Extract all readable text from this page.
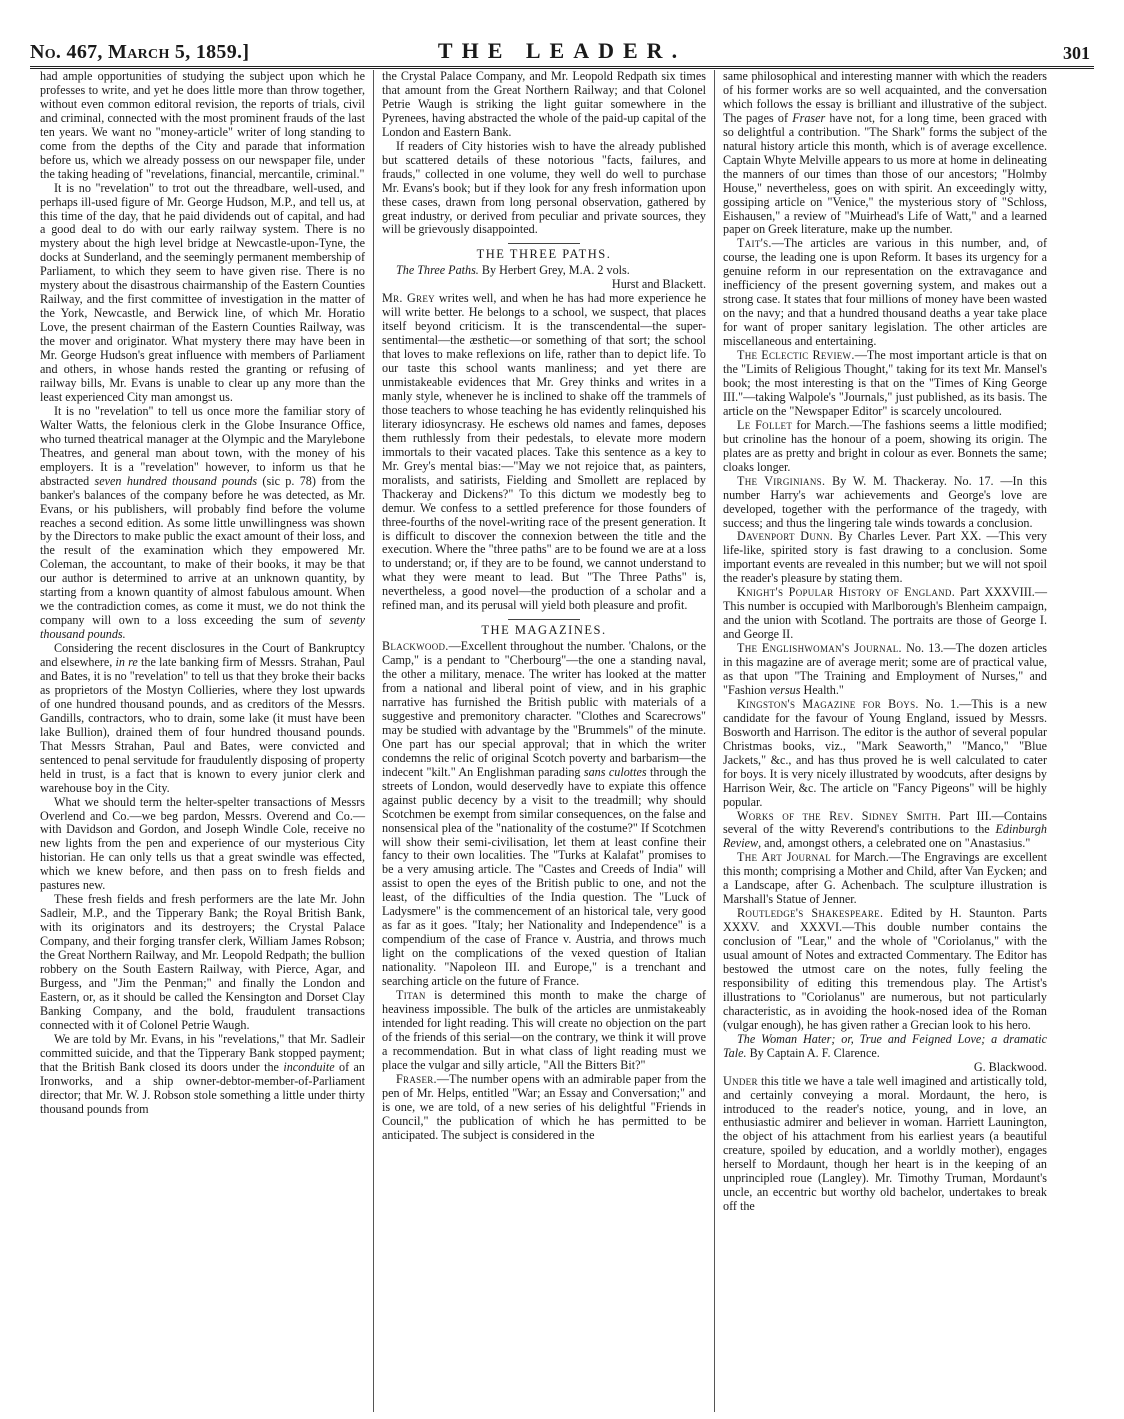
No. 467, March 5, 1859.]	THE LEADER.	301

had ample opportunities of studying the subject upon which he professes to write, and yet he does little more than throw together, without even common editoral revision, the reports of trials, civil and criminal, connected with the most prominent frauds of the last ten years. We want no "money-article" writer of long standing to come from the depths of the City and parade that information before us, which we already possess on our newspaper file, under the taking heading of "revelations, financial, mercantile, criminal."

It is no "revelation" to trot out the threadbare, well-used, and perhaps ill-used figure of Mr. George Hudson, M.P., and tell us, at this time of the day, that he paid dividends out of capital, and had a good deal to do with our early railway system. There is no mystery about the high level bridge at Newcastle-upon-Tyne, the docks at Sunderland, and the seemingly permanent membership of Parliament, to which they seem to have given rise. There is no mystery about the disastrous chairmanship of the Eastern Counties Railway, and the first committee of investigation in the matter of the York, Newcastle, and Berwick line, of which Mr. Horatio Love, the present chairman of the Eastern Counties Railway, was the mover and originator. What mystery there may have been in Mr. George Hudson's great influence with members of Parliament and others, in whose hands rested the granting or refusing of railway bills, Mr. Evans is unable to clear up any more than the least experienced City man amongst us.

It is no "revelation" to tell us once more the familiar story of Walter Watts, the felonious clerk in the Globe Insurance Office, who turned theatrical manager at the Olympic and the Marylebone Theatres, and general man about town, with the money of his employers. It is a "revelation" however, to inform us that he abstracted seven hundred thousand pounds (sic p. 78) from the banker's balances of the company before he was detected, as Mr. Evans, or his publishers, will probably find before the volume reaches a second edition. As some little unwillingness was shown by the Directors to make public the exact amount of their loss, and the result of the examination which they empowered Mr. Coleman, the accountant, to make of their books, it may be that our author is determined to arrive at an unknown quantity, by starting from a known quantity of almost fabulous amount. When we the contradiction comes, as come it must, we do not think the company will own to a loss exceeding the sum of seventy thousand pounds.

Considering the recent disclosures in the Court of Bankruptcy and elsewhere, in re the late banking firm of Messrs. Strahan, Paul and Bates, it is no "revelation" to tell us that they broke their backs as proprietors of the Mostyn Collieries, where they lost upwards of one hundred thousand pounds, and as creditors of the Messrs. Gandills, contractors, who to drain, some lake (it must have been lake Bullion), drained them of four hundred thousand pounds. That Messrs Strahan, Paul and Bates, were convicted and sentenced to penal servitude for fraudulently disposing of property held in trust, is a fact that is known to every junior clerk and warehouse boy in the City.

What we should term the helter-spelter transactions of Messrs Overlend and Co.—we beg pardon, Messrs. Overend and Co.—with Davidson and Gordon, and Joseph Windle Cole, receive no new lights from the pen and experience of our mysterious City historian. He can only tells us that a great swindle was effected, which we knew before, and then pass on to fresh fields and pastures new.

These fresh fields and fresh performers are the late Mr. John Sadleir, M.P., and the Tipperary Bank; the Royal British Bank, with its originators and its destroyers; the Crystal Palace Company, and their forging transfer clerk, William James Robson; the Great Northern Railway, and Mr. Leopold Redpath; the bullion robbery on the South Eastern Railway, with Pierce, Agar, and Burgess, and "Jim the Penman;" and finally the London and Eastern, or, as it should be called the Kensington and Dorset Clay Banking Company, and the bold, fraudulent transactions connected with it of Colonel Petrie Waugh.

We are told by Mr. Evans, in his "revelations," that Mr. Sadleir committed suicide, and that the Tipperary Bank stopped payment; that the British Bank closed its doors under the inconduite of an Ironworks, and a ship owner-debtor-member-of-Parliament director; that Mr. W. J. Robson stole something a little under thirty thousand pounds from

the Crystal Palace Company, and Mr. Leopold Redpath six times that amount from the Great Northern Railway; and that Colonel Petrie Waugh is striking the light guitar somewhere in the Pyrenees, having abstracted the whole of the paid-up capital of the London and Eastern Bank.

If readers of City histories wish to have the already published but scattered details of these notorious "facts, failures, and frauds," collected in one volume, they well do well to purchase Mr. Evans's book; but if they look for any fresh information upon these cases, drawn from long personal observation, gathered by great industry, or derived from peculiar and private sources, they will be grievously disappointed.

THE THREE PATHS.

The Three Paths. By Herbert Grey, M.A. 2 vols.

Hurst and Blackett.

Mr. Grey writes well, and when he has had more experience he will write better. He belongs to a school, we suspect, that places itself beyond criticism. It is the transcendental—the super-sentimental—the æsthetic—or something of that sort; the school that loves to make reflexions on life, rather than to depict life. To our taste this school wants manliness; and yet there are unmistakeable evidences that Mr. Grey thinks and writes in a manly style, whenever he is inclined to shake off the trammels of those teachers to whose teaching he has evidently relinquished his literary idiosyncrasy. He eschews old names and fames, deposes them ruthlessly from their pedestals, to elevate more modern immortals to their vacated places. Take this sentence as a key to Mr. Grey's mental bias:—"May we not rejoice that, as painters, moralists, and satirists, Fielding and Smollett are replaced by Thackeray and Dickens?" To this dictum we modestly beg to demur. We confess to a settled preference for those founders of three-fourths of the novel-writing race of the present generation. It is difficult to discover the connexion between the title and the execution. Where the "three paths" are to be found we are at a loss to understand; or, if they are to be found, we cannot understand to what they were meant to lead. But "The Three Paths" is, nevertheless, a good novel—the production of a scholar and a refined man, and its perusal will yield both pleasure and profit.

THE MAGAZINES.

Blackwood.—Excellent throughout the number. 'Chalons, or the Camp," is a pendant to "Cherbourg"—the one a standing naval, the other a military, menace. The writer has looked at the matter from a national and liberal point of view, and in his graphic narrative has furnished the British public with materials of a suggestive and premonitory character. "Clothes and Scarecrows" may be studied with advantage by the "Brummels" of the minute. One part has our special approval; that in which the writer condemns the relic of original Scotch poverty and barbarism—the indecent "kilt." An Englishman parading sans culottes through the streets of London, would deservedly have to expiate this offence against public decency by a visit to the treadmill; why should Scotchmen be exempt from similar consequences, on the false and nonsensical plea of the "nationality of the costume?" If Scotchmen will show their semi-civilisation, let them at least confine their fancy to their own localities. The "Turks at Kalafat" promises to be a very amusing article. The "Castes and Creeds of India" will assist to open the eyes of the British public to one, and not the least, of the difficulties of the India question. The "Luck of Ladysmere" is the commencement of an historical tale, very good as far as it goes. "Italy; her Nationality and Independence" is a compendium of the case of France v. Austria, and throws much light on the complications of the vexed question of Italian nationality. "Napoleon III. and Europe," is a trenchant and searching article on the future of France.

Titan is determined this month to make the charge of heaviness impossible. The bulk of the articles are unmistakeably intended for light reading. This will create no objection on the part of the friends of this serial—on the contrary, we think it will prove a recommendation. But in what class of light reading must we place the vulgar and silly article, "All the Bitters Bit?"

Fraser.—The number opens with an admirable paper from the pen of Mr. Helps, entitled "War; an Essay and Conversation;" and is one, we are told, of a new series of his delightful "Friends in Council," the publication of which he has permitted to be anticipated. The subject is considered in the

same philosophical and interesting manner with which the readers of his former works are so well acquainted, and the conversation which follows the essay is brilliant and illustrative of the subject. The pages of Fraser have not, for a long time, been graced with so delightful a contribution. "The Shark" forms the subject of the natural history article this month, which is of average excellence. Captain Whyte Melville appears to us more at home in delineating the manners of our times than those of our ancestors; "Holmby House," nevertheless, goes on with spirit. An exceedingly witty, gossiping article on "Venice," the mysterious story of "Schloss, Eishausen," a review of "Muirhead's Life of Watt," and a learned paper on Greek literature, make up the number.

Tait's.—The articles are various in this number, and, of course, the leading one is upon Reform. It bases its urgency for a genuine reform in our representation on the extravagance and inefficiency of the present governing system, and makes out a strong case. It states that four millions of money have been wasted on the navy; and that a hundred thousand deaths a year take place for want of proper sanitary legislation. The other articles are miscellaneous and entertaining.

The Eclectic Review.—The most important article is that on the "Limits of Religious Thought," taking for its text Mr. Mansel's book; the most interesting is that on the "Times of King George III."—taking Walpole's "Journals," just published, as its basis. The article on the "Newspaper Editor" is scarcely uncoloured.

Le Follet for March.—The fashions seems a little modified; but crinoline has the honour of a poem, showing its origin. The plates are as pretty and bright in colour as ever. Bonnets the same; cloaks longer.

The Virginians. By W. M. Thackeray. No. 17. —In this number Harry's war achievements and George's love are developed, together with the performance of the tragedy, with success; and thus the lingering tale winds towards a conclusion.

Davenport Dunn. By Charles Lever. Part XX. —This very life-like, spirited story is fast drawing to a conclusion. Some important events are revealed in this number; but we will not spoil the reader's pleasure by stating them.

Knight's Popular History of England. Part XXXVIII.—This number is occupied with Marlborough's Blenheim campaign, and the union with Scotland. The portraits are those of George I. and George II.

The Englishwoman's Journal. No. 13.—The dozen articles in this magazine are of average merit; some are of practical value, as that upon "The Training and Employment of Nurses," and "Fashion versus Health."

Kingston's Magazine for Boys. No. 1.—This is a new candidate for the favour of Young England, issued by Messrs. Bosworth and Harrison. The editor is the author of several popular Christmas books, viz., "Mark Seaworth," "Manco," "Blue Jackets," &c., and has thus proved he is well calculated to cater for boys. It is very nicely illustrated by woodcuts, after designs by Harrison Weir, &c. The article on "Fancy Pigeons" will be highly popular.

Works of the Rev. Sidney Smith. Part III.—Contains several of the witty Reverend's contributions to the Edinburgh Review, and, amongst others, a celebrated one on "Anastasius."

The Art Journal for March.—The Engravings are excellent this month; comprising a Mother and Child, after Van Eycken; and a Landscape, after G. Achenbach. The sculpture illustration is Marshall's Statue of Jenner.

Routledge's Shakespeare. Edited by H. Staunton. Parts XXXV. and XXXVI.—This double number contains the conclusion of "Lear," and the whole of "Coriolanus," with the usual amount of Notes and extracted Commentary. The Editor has bestowed the utmost care on the notes, fully feeling the responsibility of editing this tremendous play. The Artist's illustrations to "Coriolanus" are numerous, but not particularly characteristic, as in avoiding the hook-nosed idea of the Roman (vulgar enough), he has given rather a Grecian look to his hero.

The Woman Hater; or, True and Feigned Love; a dramatic Tale. By Captain A. F. Clarence.

G. Blackwood.

Under this title we have a tale well imagined and artistically told, and certainly conveying a moral. Mordaunt, the hero, is introduced to the reader's notice, young, and in love, an enthusiastic admirer and believer in woman. Harriett Launington, the object of his attachment from his earliest years (a beautiful creature, spoiled by education, and a worldly mother), engages herself to Mordaunt, though her heart is in the keeping of an unprincipled roue (Langley). Mr. Timothy Truman, Mordaunt's uncle, an eccentric but worthy old bachelor, undertakes to break off the
